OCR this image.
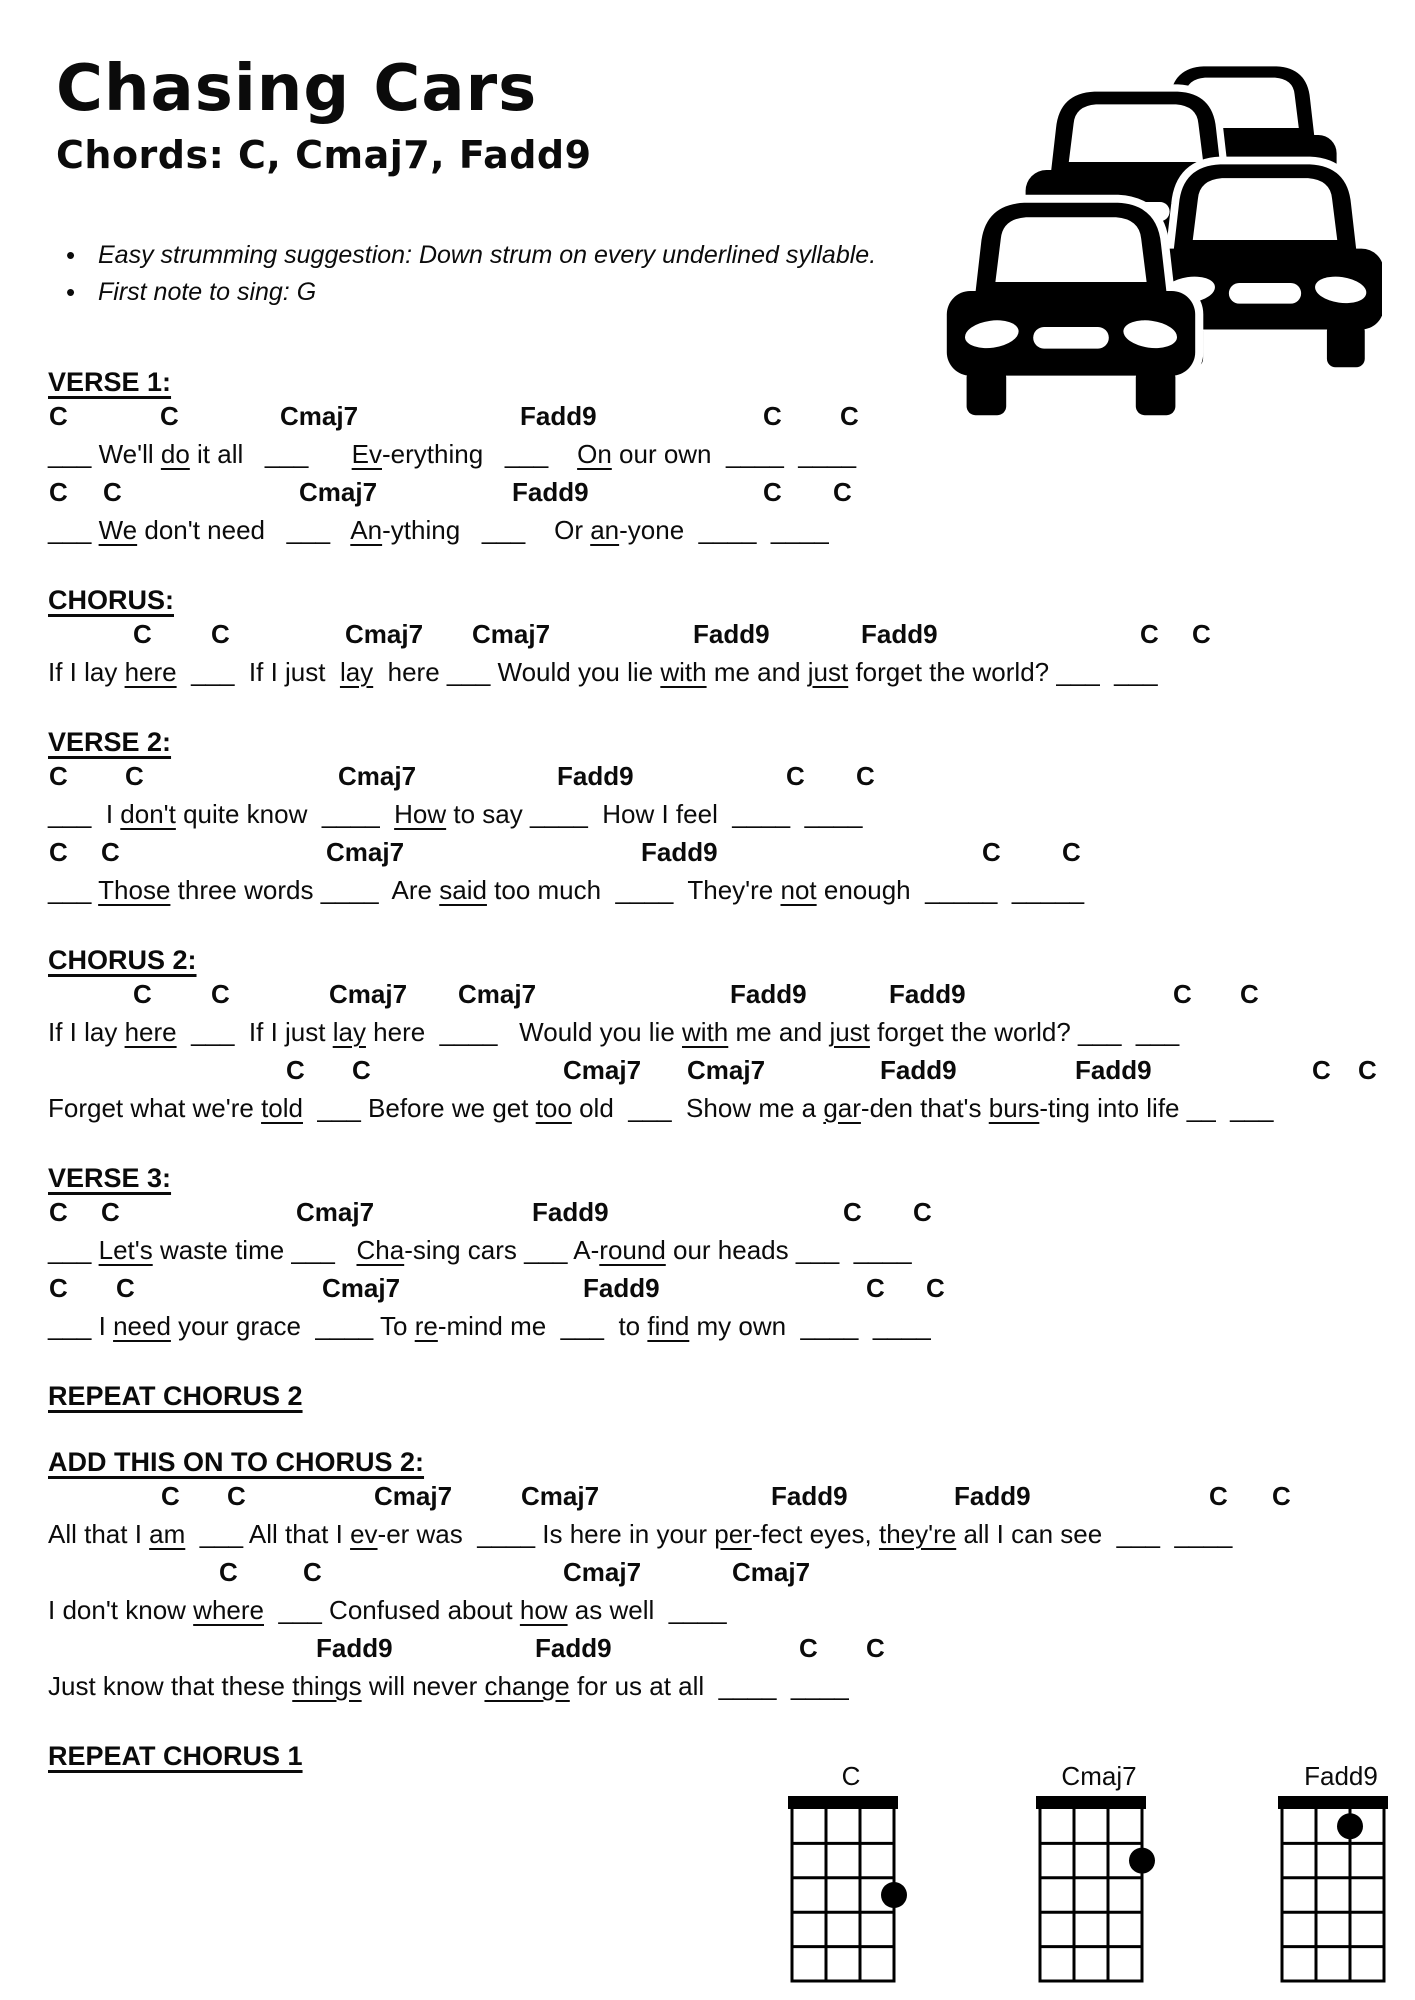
Chasing Cars
Chords: C, Cmaj7, Fadd9
• Easy strumming suggestion: Down strum on every underlined syllable.
• First note to sing: G
VERSE 1:
C	C	Cmaj7	Fadd9	C C
___ We'll do it all   ___      Ev-erything   ___    On our own  ____  ____
C C	Cmaj7	Fadd9	C C
___ We don't need   ___   An-ything   ___    Or an-yone  ____  ____
CHORUS:
C C	Cmaj7 Cmaj7	Fadd9	Fadd9	C C
If I lay here  ___  If I just  lay  here ___ Would you lie with me and just forget the world? ___  ___
VERSE 2:
C C	Cmaj7	Fadd9	C C
___  I don't quite know  ____  How to say ____  How I feel  ____  ____
C C	Cmaj7	Fadd9	C C
___ Those three words ____  Are said too much  ____  They're not enough  _____  _____
CHORUS 2:
C C	Cmaj7 Cmaj7	Fadd9	Fadd9	C C
If I lay here  ___  If I just lay here  ____   Would you lie with me and just forget the world? ___  ___
C C	Cmaj7 Cmaj7	Fadd9	Fadd9	C C
Forget what we're told  ___ Before we get too old  ___  Show me a gar-den that's burs-ting into life __  ___
VERSE 3:
C C	Cmaj7	Fadd9	C C
___ Let's waste time ___   Cha-sing cars ___ A-round our heads ___  ____
C C	Cmaj7	Fadd9	C C
___ I need your grace  ____ To re-mind me  ___  to find my own  ____  ____
REPEAT CHORUS 2
ADD THIS ON TO CHORUS 2:
C C	Cmaj7	Cmaj7	Fadd9	Fadd9	C C
All that I am  ___ All that I ev-er was  ____ Is here in your per-fect eyes, they're all I can see  ___  ____
C	C	Cmaj7	Cmaj7
I don't know where  ___ Confused about how as well  ____
Fadd9	Fadd9	C C
Just know that these things will never change for us at all  ____  ____
REPEAT CHORUS 1
C	Cmaj7	Fadd9
